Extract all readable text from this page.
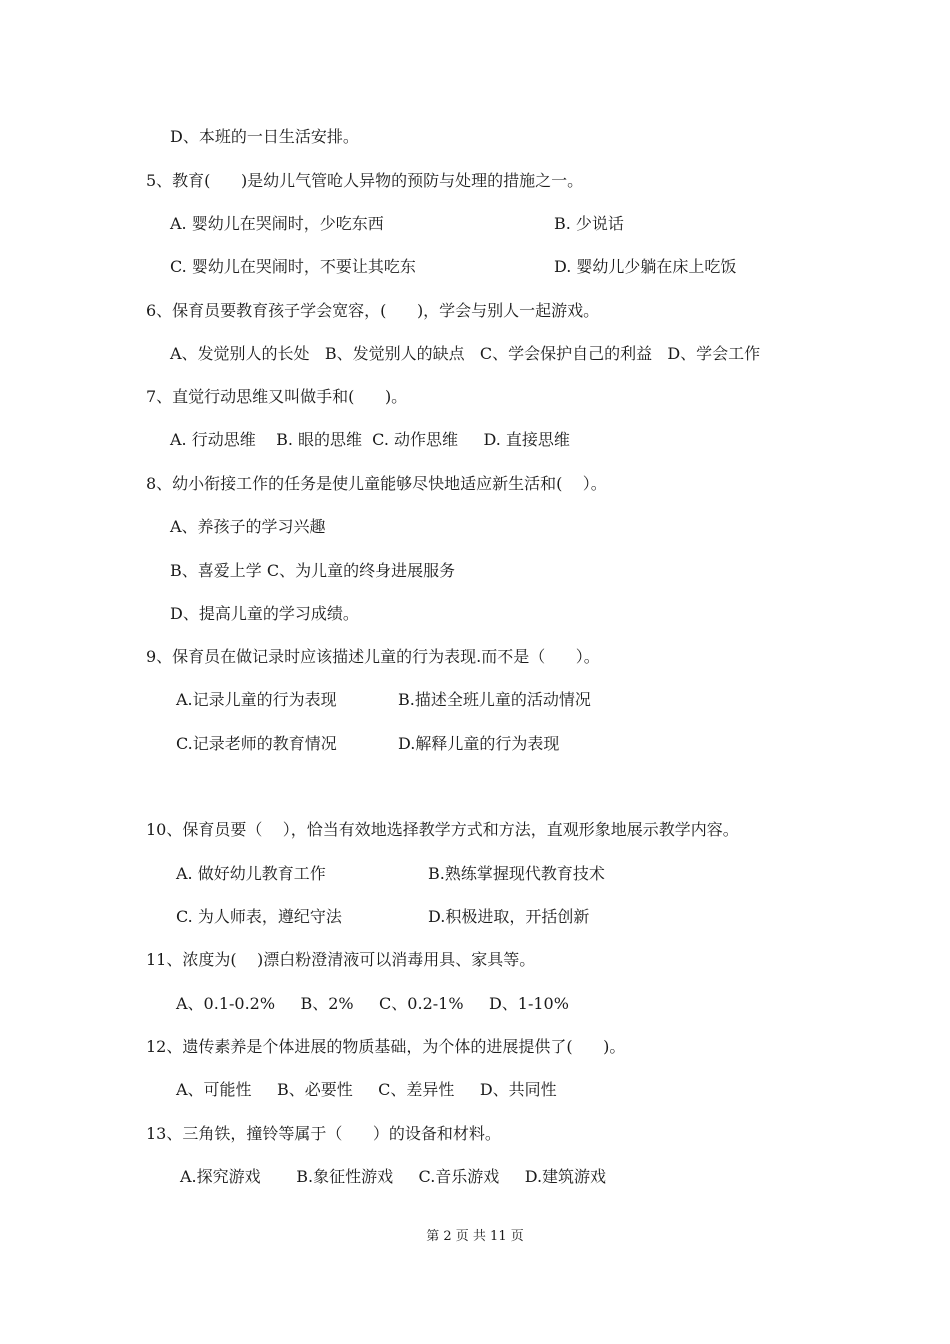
D、本班的一日生活安排。
5、教育(      )是幼儿气管呛人异物的预防与处理的措施之一。
A. 婴幼儿在哭闹时，少吃东西	B. 少说话
C. 婴幼儿在哭闹时，不要让其吃东	D. 婴幼儿少躺在床上吃饭
6、保育员要教育孩子学会宽容，(      )，学会与别人一起游戏。
A、发觉别人的长处   B、发觉别人的缺点   C、学会保护自己的利益   D、学会工作
7、直觉行动思维又叫做手和(      )。
A. 行动思维    B. 眼的思维  C. 动作思维     D. 直接思维
8、幼小衔接工作的任务是使儿童能够尽快地适应新生活和(    ）。
A、养孩子的学习兴趣
B、喜爱上学 C、为儿童的终身进展服务
D、提高儿童的学习成绩。
9、保育员在做记录时应该描述儿童的行为表现.而不是（      ）。
A.记录儿童的行为表现	B.描述全班儿童的活动情况
C.记录老师的教育情况	D.解释儿童的行为表现
10、保育员要（    ），恰当有效地选择教学方式和方法，直观形象地展示教学内容。
A. 做好幼儿教育工作	B.熟练掌握现代教育技术
C. 为人师表，遵纪守法	D.积极进取，开括创新
11、浓度为(    )漂白粉澄清液可以消毒用具、家具等。
A、0.1-0.2%     B、2%     C、0.2-1%     D、1-10%
12、遗传素养是个体进展的物质基础，为个体的进展提供了(      )。
A、可能性     B、必要性     C、差异性     D、共同性
13、三角铁，撞铃等属于（      ）的设备和材料。
A.探究游戏       B.象征性游戏     C.音乐游戏     D.建筑游戏
第 2 页 共 11 页
